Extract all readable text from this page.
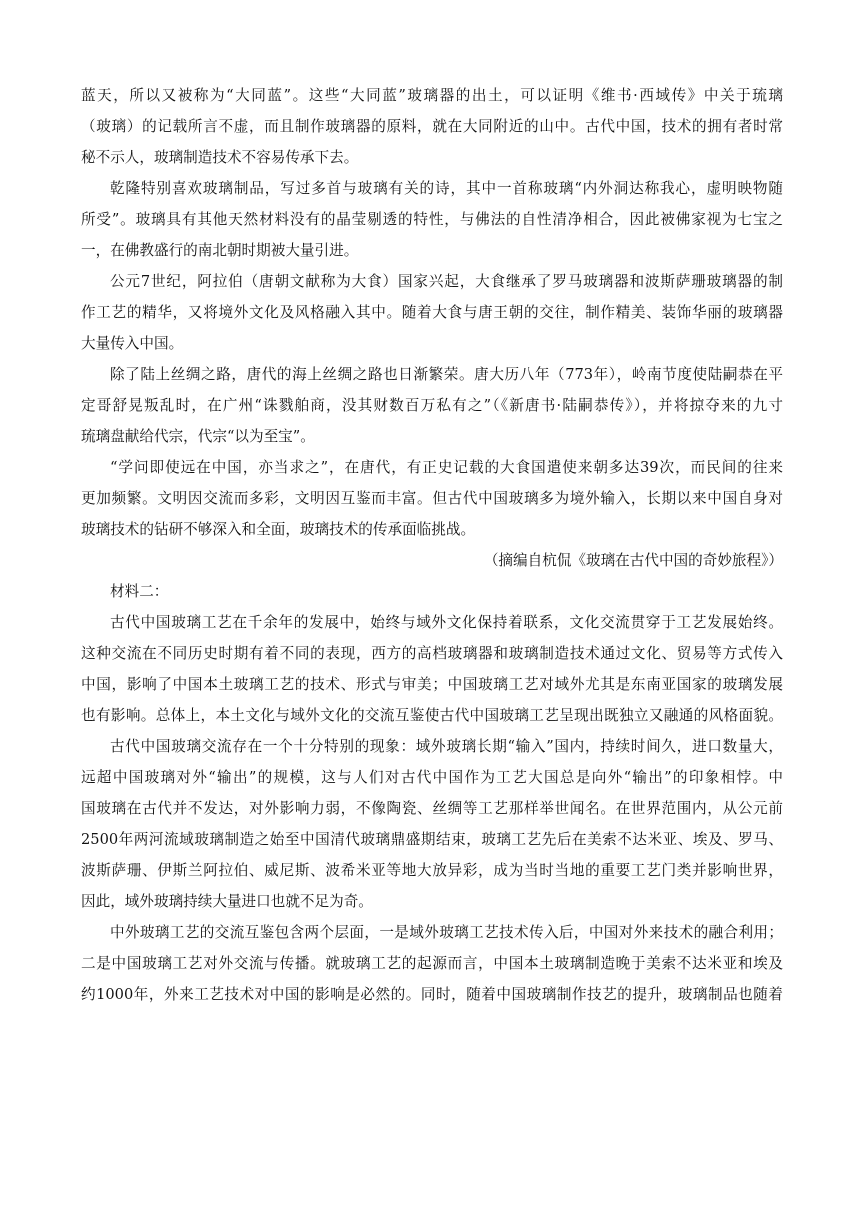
蓝天，所以又被称为“大同蓝”。这些“大同蓝”玻璃器的出土，可以证明《维书·西域传》中关于琉璃
（玻璃）的记载所言不虚，而且制作玻璃器的原料，就在大同附近的山中。古代中国，技术的拥有者时常
秘不示人，玻璃制造技术不容易传承下去。
乾隆特别喜欢玻璃制品，写过多首与玻璃有关的诗，其中一首称玻璃“内外洞达称我心，虚明映物随
所受”。玻璃具有其他天然材料没有的晶莹剔透的特性，与佛法的自性清净相合，因此被佛家视为七宝之
一，在佛教盛行的南北朝时期被大量引进。
公元7世纪，阿拉伯（唐朝文献称为大食）国家兴起，大食继承了罗马玻璃器和波斯萨珊玻璃器的制
作工艺的精华，又将境外文化及风格融入其中。随着大食与唐王朝的交往，制作精美、装饰华丽的玻璃器
大量传入中国。
除了陆上丝绸之路，唐代的海上丝绸之路也日渐繁荣。唐大历八年（773年），岭南节度使陆嗣恭在平
定哥舒晃叛乱时，在广州“诛戮舶商，没其财数百万私有之”（《新唐书·陆嗣恭传》），并将掠夺来的九寸
琉璃盘献给代宗，代宗“以为至宝”。
“学问即使远在中国，亦当求之”，在唐代，有正史记载的大食国遣使来朝多达39次，而民间的往来
更加频繁。文明因交流而多彩，文明因互鉴而丰富。但古代中国玻璃多为境外输入，长期以来中国自身对
玻璃技术的钻研不够深入和全面，玻璃技术的传承面临挑战。
（摘编自杭侃《玻璃在古代中国的奇妙旅程》）
材料二：
古代中国玻璃工艺在千余年的发展中，始终与域外文化保持着联系，文化交流贯穿于工艺发展始终。
这种交流在不同历史时期有着不同的表现，西方的高档玻璃器和玻璃制造技术通过文化、贸易等方式传入
中国，影响了中国本土玻璃工艺的技术、形式与审美；中国玻璃工艺对域外尤其是东南亚国家的玻璃发展
也有影响。总体上，本土文化与域外文化的交流互鉴使古代中国玻璃工艺呈现出既独立又融通的风格面貌。
古代中国玻璃交流存在一个十分特别的现象：域外玻璃长期“输入”国内，持续时间久，进口数量大，
远超中国玻璃对外“输出”的规模，这与人们对古代中国作为工艺大国总是向外“输出”的印象相悖。中
国玻璃在古代并不发达，对外影响力弱，不像陶瓷、丝绸等工艺那样举世闻名。在世界范围内，从公元前
2500年两河流域玻璃制造之始至中国清代玻璃鼎盛期结束，玻璃工艺先后在美索不达米亚、埃及、罗马、
波斯萨珊、伊斯兰阿拉伯、威尼斯、波希米亚等地大放异彩，成为当时当地的重要工艺门类并影响世界，
因此，域外玻璃持续大量进口也就不足为奇。
中外玻璃工艺的交流互鉴包含两个层面，一是域外玻璃工艺技术传入后，中国对外来技术的融合利用；
二是中国玻璃工艺对外交流与传播。就玻璃工艺的起源而言，中国本土玻璃制造晚于美索不达米亚和埃及
约1000年，外来工艺技术对中国的影响是必然的。同时，随着中国玻璃制作技艺的提升，玻璃制品也随着
